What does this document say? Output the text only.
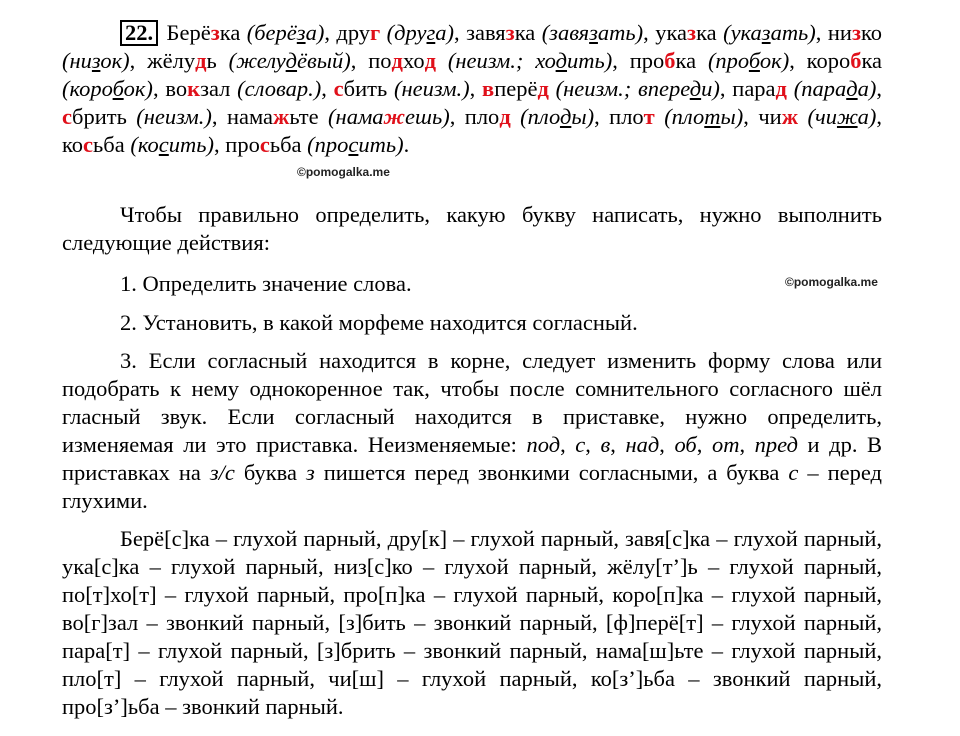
22. Берёзка (берёза), друг (друга), завязка (завязать), указка (указать), низко (низок), жёлудь (желудёвый), подход (неизм.; ходить), пробка (пробок), коробка (коробок), вокзал (словар.), сбить (неизм.), вперёд (неизм.; впереди), парад (парада), сбрить (неизм.), намажьте (намажешь), плод (плоды), плот (плоты), чиж (чижа), косьба (косить), просьба (просить).

©pomogalka.me

Чтобы правильно определить, какую букву написать, нужно выполнить следующие действия:

1. Определить значение слова.	©pomogalka.me

2. Установить, в какой морфеме находится согласный.

3. Если согласный находится в корне, следует изменить форму слова или подобрать к нему однокоренное так, чтобы после сомнительного согласного шёл гласный звук. Если согласный находится в приставке, нужно определить, изменяемая ли это приставка. Неизменяемые: под, с, в, над, об, от, пред и др. В приставках на з/с буква з пишется перед звонкими согласными, а буква с – перед глухими.

Берё[с]ка – глухой парный, дру[к] – глухой парный, завя[с]ка – глухой парный, ука[с]ка – глухой парный, низ[с]ко – глухой парный, жёлу[т’]ь – глухой парный, по[т]хо[т] – глухой парный, про[п]ка – глухой парный, коро[п]ка – глухой парный, во[г]зал – звонкий парный, [з]бить – звонкий парный, [ф]перё[т] – глухой парный, пара[т] – глухой парный, [з]брить – звонкий парный, нама[ш]ьте – глухой парный, пло[т] – глухой парный, чи[ш] – глухой парный, ко[з’]ьба – звонкий парный, про[з’]ьба – звонкий парный.
